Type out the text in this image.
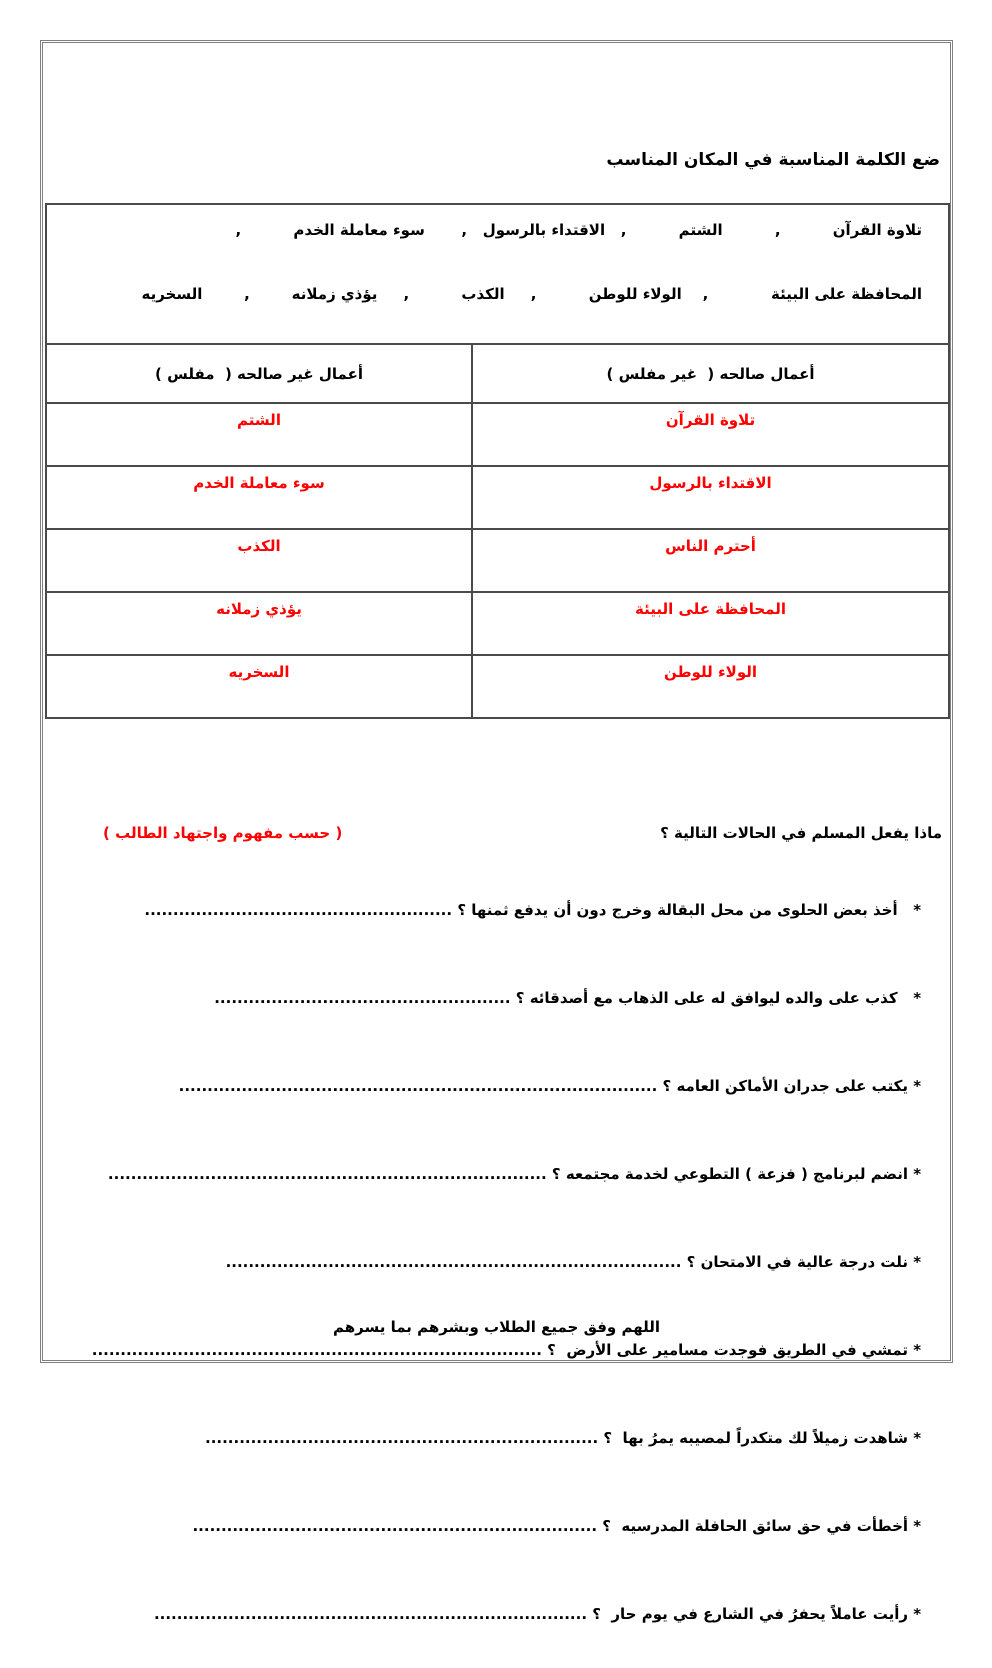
ضع الكلمة المناسبة في المكان المناسب
تلاوة القرآن          ,          الشتم          ,   الاقتداء بالرسول   ,       سوء معاملة الخدم          ,
المحافظة على البيئة            ,    الولاء للوطن          ,     الكذب          ,     يؤذي زملانه        ,        السخريه	

أعمال صالحه (  غير مفلس )	أعمال غير صالحه (  مفلس )
تلاوة القرآن	الشتم
الاقتداء بالرسول	سوء معاملة الخدم
أحترم الناس	الكذب
المحافظة على البيئة	يؤذي زملانه
الولاء للوطن	السخريه
ماذا يفعل المسلم في الحالات التالية ؟
( حسب مفهوم واجتهاد الطالب )

*   أخذ بعض الحلوى من محل البقالة وخرج دون أن يدفع ثمنها ؟ ......................................................

*   كذب على والده ليوافق له على الذهاب مع أصدقائه ؟ ....................................................

* يكتب على جدران الأماكن العامه ؟ ....................................................................................

* انضم لبرنامج ( فزعة ) التطوعي لخدمة مجتمعه ؟ .............................................................................

* نلت درجة عالية في الامتحان ؟ ................................................................................

* تمشي في الطريق فوجدت مسامير على الأرض  ؟ ...............................................................................

* شاهدت زميلاً لك متكدراً لمصيبه يمرُ بها  ؟ .....................................................................

* أخطأت في حق سائق الحافلة المدرسيه  ؟ .......................................................................

* رأيت عاملاً يحفرُ في الشارع في يوم حار  ؟ ............................................................................

اللهم وفق جميع الطلاب وبشرهم بما يسرهم
